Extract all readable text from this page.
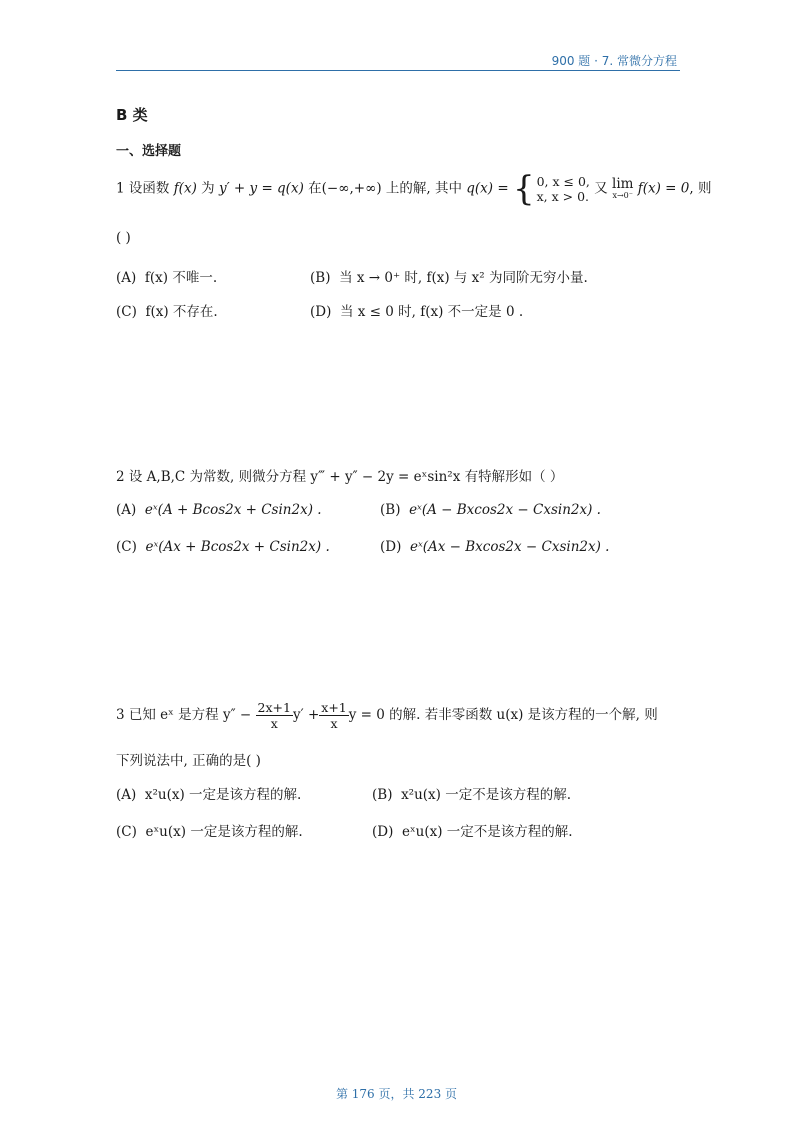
900 题 · 7. 常微分方程
B 类
一、选择题
1 设函数 f(x) 为 y′ + y = q(x) 在(−∞,+∞) 上的解, 其中 q(x) = { 0, x ≤ 0,
x, x > 0. 又 lim
x→0⁻ f(x) = 0, 则
( )
(A) f(x) 不唯一.	(B) 当 x → 0⁺ 时, f(x) 与 x² 为同阶无穷小量.
(C) f(x) 不存在.	(D) 当 x ≤ 0 时, f(x) 不一定是 0 .
2 设 A,B,C 为常数, 则微分方程 y‴ + y″ − 2y = eˣsin²x 有特解形如（ ）
(A) eˣ(A + Bcos2x + Csin2x) .	(B) eˣ(A − Bxcos2x − Cxsin2x) .
(C) eˣ(Ax + Bcos2x + Csin2x) .	(D) eˣ(Ax − Bxcos2x − Cxsin2x) .
3 已知 eˣ 是方程 $y'' - \frac{2x+1}{x} y' + \frac{x+1}{x}$ y = 0 的解. 若非零函数 u(x) 是该方程的一个解, 则
下列说法中, 正确的是( )
(A) x²u(x) 一定是该方程的解.	(B) x²u(x) 一定不是该方程的解.
(C) eˣu(x) 一定是该方程的解.	(D) eˣu(x) 一定不是该方程的解.
第 176 页，共 223 页
